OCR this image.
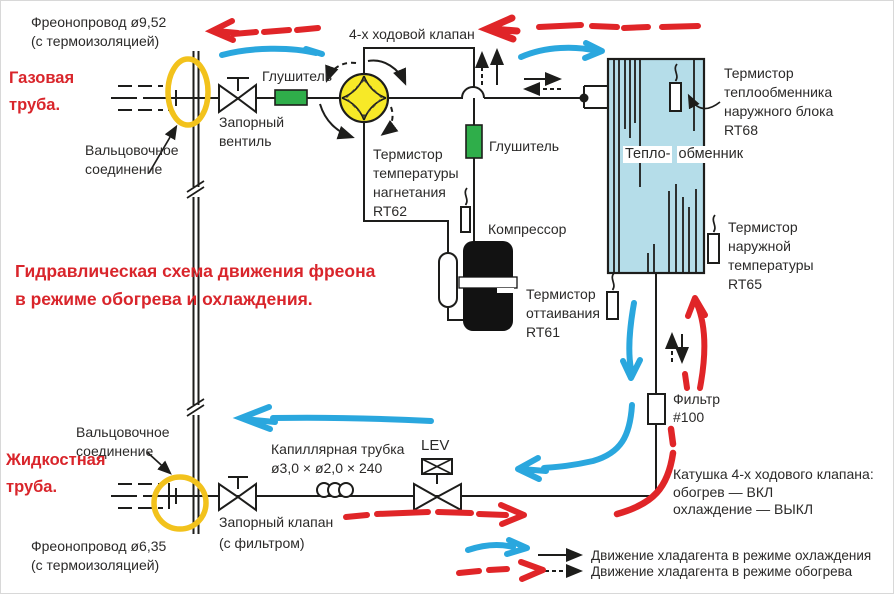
Фреонопровод ø9,52
(с термоизоляцией)
Газовая
труба.
Вальцовочное
соединение
Запорный
вентиль
Глушитель
4-х ходовой клапан
Термистор
температуры
нагнетания
RT62
Глушитель
Компрессор
Термистор
оттаивания
RT61
Тепло- обменник
Термистор
теплообменника
наружного блока
RT68
Термистор
наружной
температуры
RT65
Фильтр
#100
Гидравлическая схема движения фреона
в режиме обогрева и охлаждения.
Вальцовочное
соединение
Жидкостная
труба.
Фреонопровод ø6,35
(с термоизоляцией)
Запорный клапан
(с фильтром)
Капиллярная трубка
ø3,0 × ø2,0 × 240
LEV
Катушка 4-х ходового клапана:
обогрев — ВКЛ
охлаждение — ВЫКЛ
Движение хладагента в режиме охлаждения
Движение хладагента в режиме обогрева
